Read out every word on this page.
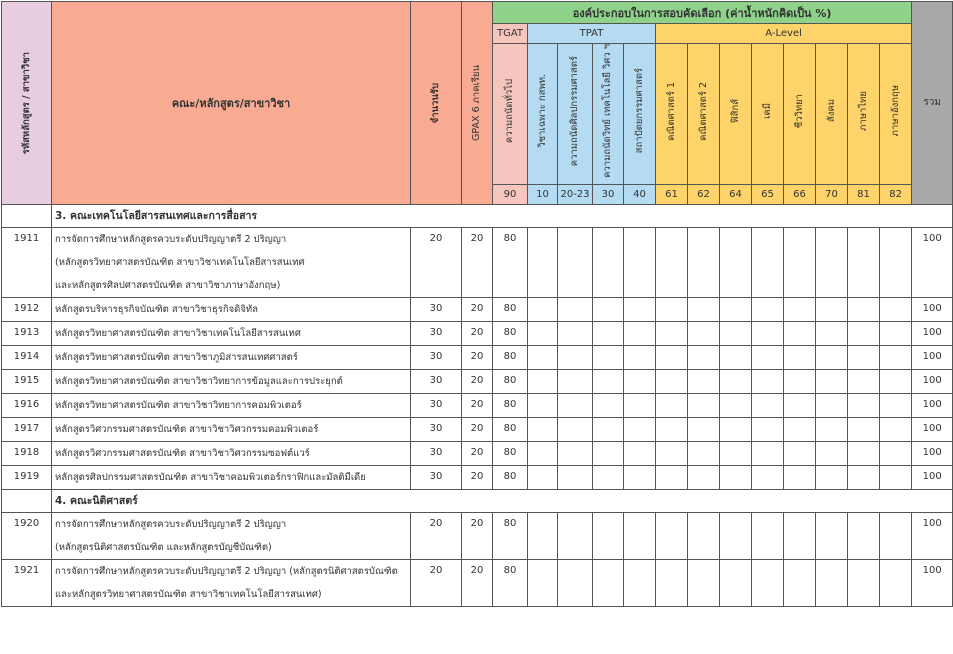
รหัสหลักสูตร / สาขาวิชา	คณะ/หลักสูตร/สาขาวิชา	จำนวนรับ	GPAX 6 ภาคเรียน	องค์ประกอบในการสอบคัดเลือก (ค่าน้ำหนักคิดเป็น %)													รวม

				TGAT	TPAT				A-Level								

				ความถนัดทั่วไป	วิชาเฉพาะ กสพท.	ความถนัดศิลปกรรมศาสตร์	ความถนัดวิทย์ เทคโนโลยี วิศว ฯ	สถาปัตยกรรมศาสตร์	คณิตศาสตร์ 1	คณิตศาสตร์ 2	ฟิสิกส์	เคมี	ชีววิทยา	สังคม	ภาษาไทย	ภาษาอังกฤษ	

				90	10	20-23	30	40	61	62	64	65	66	70	81	82	
	3. คณะเทคโนโลยีสารสนเทศและการสื่อสาร																
1911	การจัดการศึกษาหลักสูตรควบระดับปริญญาตรี 2 ปริญญา
(หลักสูตรวิทยาศาสตรบัณฑิต สาขาวิชาเทคโนโลยีสารสนเทศ
และหลักสูตรศิลปศาสตรบัณฑิต สาขาวิชาภาษาอังกฤษ)	20	20	80													100
1912	หลักสูตรบริหารธุรกิจบัณฑิต สาขาวิชาธุรกิจดิจิทัล	30	20	80													100
1913	หลักสูตรวิทยาศาสตรบัณฑิต สาขาวิชาเทคโนโลยีสารสนเทศ	30	20	80													100
1914	หลักสูตรวิทยาศาสตรบัณฑิต สาขาวิชาภูมิสารสนเทศศาสตร์	30	20	80													100
1915	หลักสูตรวิทยาศาสตรบัณฑิต สาขาวิชาวิทยาการข้อมูลและการประยุกต์	30	20	80													100
1916	หลักสูตรวิทยาศาสตรบัณฑิต สาขาวิชาวิทยาการคอมพิวเตอร์	30	20	80													100
1917	หลักสูตรวิศวกรรมศาสตรบัณฑิต สาขาวิชาวิศวกรรมคอมพิวเตอร์	30	20	80													100
1918	หลักสูตรวิศวกรรมศาสตรบัณฑิต สาขาวิชาวิศวกรรมซอฟต์แวร์	30	20	80													100
1919	หลักสูตรศิลปกรรมศาสตรบัณฑิต สาขาวิชาคอมพิวเตอร์กราฟิกและมัลติมีเดีย	30	20	80													100
	4. คณะนิติศาสตร์																
1920	การจัดการศึกษาหลักสูตรควบระดับปริญญาตรี 2 ปริญญา
(หลักสูตรนิติศาสตรบัณฑิต และหลักสูตรบัญชีบัณฑิต)	20	20	80													100
1921	การจัดการศึกษาหลักสูตรควบระดับปริญญาตรี 2 ปริญญา (หลักสูตรนิติศาสตรบัณฑิต
และหลักสูตรวิทยาศาสตรบัณฑิต สาขาวิชาเทคโนโลยีสารสนเทศ)	20	20	80													100
